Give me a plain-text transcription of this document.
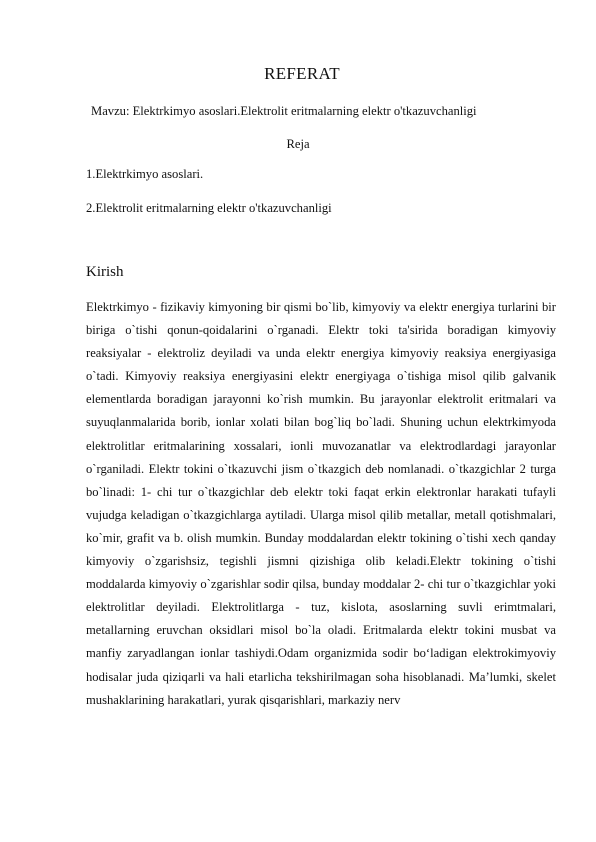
REFERAT
Mavzu: Elektrkimyo asoslari.Elektrolit eritmalarning elektr o'tkazuvchanligi
Reja
1.Elektrkimyo asoslari.
2.Elektrolit eritmalarning elektr o'tkazuvchanligi
Kirish
Elektrkimyo - fizikaviy kimyoning bir qismi bo`lib, kimyoviy va elektr energiya turlarini bir biriga o`tishi qonun-qoidalarini o`rganadi. Elektr toki ta'sirida boradigan kimyoviy reaksiyalar - elektroliz deyiladi va unda elektr energiya kimyoviy reaksiya energiyasiga o`tadi. Kimyoviy reaksiya energiyasini elektr energiyaga o`tishiga misol qilib galvanik elementlarda boradigan jarayonni ko`rish mumkin. Bu jarayonlar elektrolit eritmalari va suyuqlanmalarida borib, ionlar xolati bilan bog`liq bo`ladi. Shuning uchun elektrkimyoda elektrolitlar eritmalarining xossalari, ionli muvozanatlar va elektrodlardagi jarayonlar o`rganiladi. Elektr tokini o`tkazuvchi jism o`tkazgich deb nomlanadi. o`tkazgichlar 2 turga bo`linadi: 1- chi tur o`tkazgichlar deb elektr toki faqat erkin elektronlar harakati tufayli vujudga keladigan o`tkazgichlarga aytiladi. Ularga misol qilib metallar, metall qotishmalari, ko`mir, grafit va b. olish mumkin. Bunday moddalardan elektr tokining o`tishi xech qanday kimyoviy o`zgarishsiz, tegishli jismni qizishiga olib keladi.Elektr tokining o`tishi moddalarda kimyoviy o`zgarishlar sodir qilsa, bunday moddalar 2- chi tur o`tkazgichlar yoki elektrolitlar deyiladi. Elektrolitlarga - tuz, kislota, asoslarning suvli erimtmalari, metallarning eruvchan oksidlari misol bo`la oladi. Eritmalarda elektr tokini musbat va manfiy zaryadlangan ionlar tashiydi.Odam organizmida sodir bo‘ladigan elektrokimyoviy hodisalar juda qiziqarli va hali etarlicha tekshirilmagan soha hisoblanadi. Ma’lumki, skelet mushaklarining harakatlari, yurak qisqarishlari, markaziy nerv
